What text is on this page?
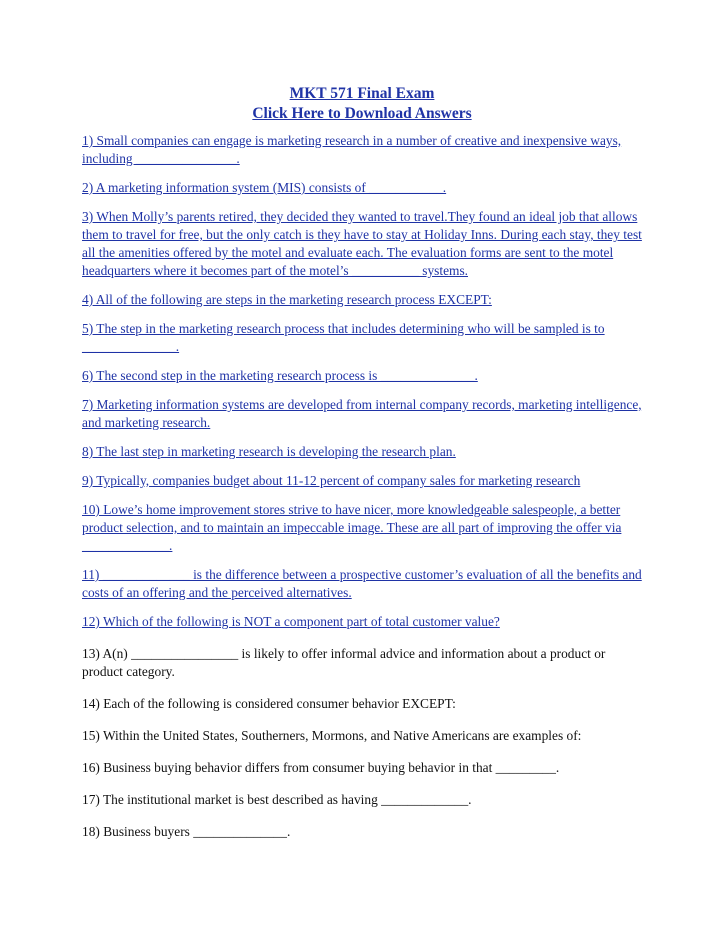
MKT 571 Final Exam
Click Here to Download Answers

1) Small companies can engage is marketing research in a number of creative and inexpensive ways, including _______________.

2) A marketing information system (MIS) consists of ___________.

3) When Molly’s parents retired, they decided they wanted to travel.They found an ideal job that allows them to travel for free, but the only catch is they have to stay at Holiday Inns. During each stay, they test all the amenities offered by the motel and evaluate each. The evaluation forms are sent to the motel headquarters where it becomes part of the motel’s __________ systems.

4) All of the following are steps in the marketing research process EXCEPT:

5) The step in the marketing research process that includes determining who will be sampled is to ______________.

6) The second step in the marketing research process is ______________.

7) Marketing information systems are developed from internal company records, marketing intelligence, and marketing research.

8) The last step in marketing research is developing the research plan.

9) Typically, companies budget about 11-12 percent of company sales for marketing research

10) Lowe’s home improvement stores strive to have nicer, more knowledgeable salespeople, a better product selection, and to maintain an impeccable image. These are all part of improving the offer via _____________.

11) _____________ is the difference between a prospective customer’s evaluation of all the benefits and costs of an offering and the perceived alternatives.

12) Which of the following is NOT a component part of total customer value?

13) A(n) ________________ is likely to offer informal advice and information about a product or product category.

14) Each of the following is considered consumer behavior EXCEPT:

15) Within the United States, Southerners, Mormons, and Native Americans are examples of:

16) Business buying behavior differs from consumer buying behavior in that _________.

17) The institutional market is best described as having _____________.

18) Business buyers ______________.
